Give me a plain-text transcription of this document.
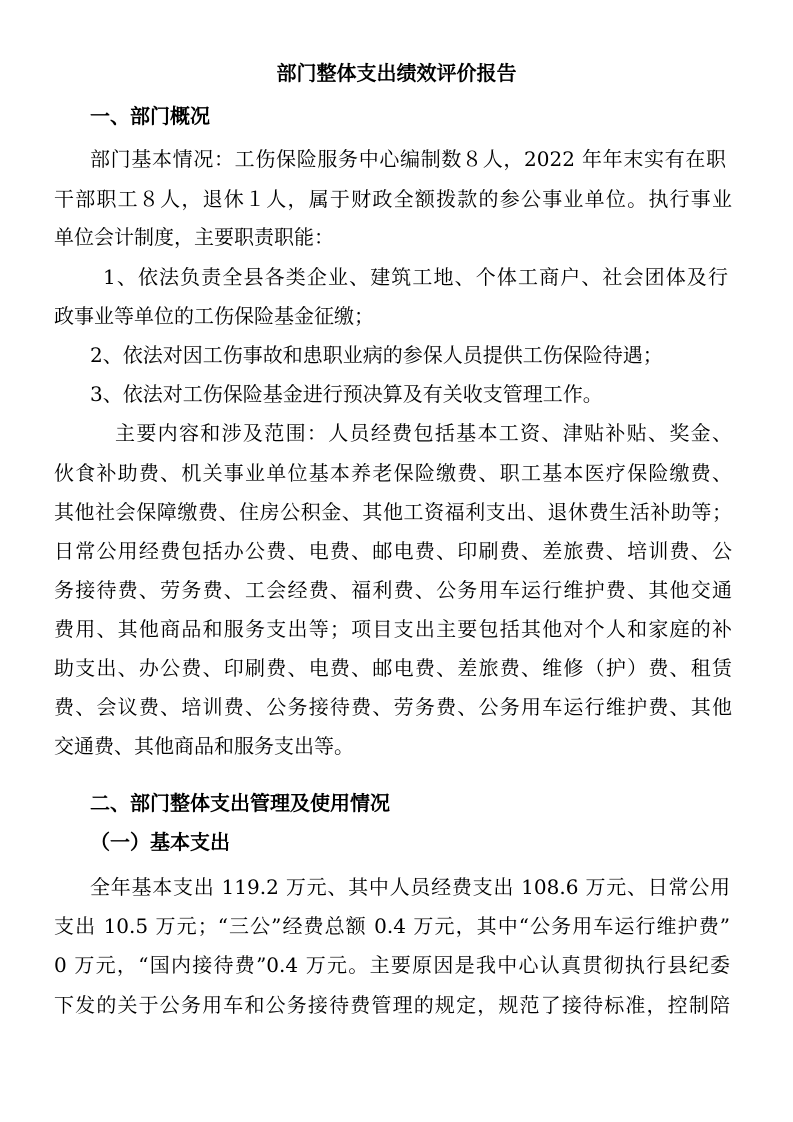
部门整体支出绩效评价报告
一、部门概况
部门基本情况：工伤保险服务中心编制数８人，2022 年年末实有在职
干部职工８人，退休１人，属于财政全额拨款的参公事业单位。执行事业
单位会计制度，主要职责职能：
1、依法负责全县各类企业、建筑工地、个体工商户、社会团体及行
政事业等单位的工伤保险基金征缴；
2、依法对因工伤事故和患职业病的参保人员提供工伤保险待遇；
3、依法对工伤保险基金进行预决算及有关收支管理工作。
主要内容和涉及范围：人员经费包括基本工资、津贴补贴、奖金、
伙食补助费、机关事业单位基本养老保险缴费、职工基本医疗保险缴费、
其他社会保障缴费、住房公积金、其他工资福利支出、退休费生活补助等；
日常公用经费包括办公费、电费、邮电费、印刷费、差旅费、培训费、公
务接待费、劳务费、工会经费、福利费、公务用车运行维护费、其他交通
费用、其他商品和服务支出等；项目支出主要包括其他对个人和家庭的补
助支出、办公费、印刷费、电费、邮电费、差旅费、维修（护）费、租赁
费、会议费、培训费、公务接待费、劳务费、公务用车运行维护费、其他
交通费、其他商品和服务支出等。
二、部门整体支出管理及使用情况
（一）基本支出
全年基本支出 119.2 万元、其中人员经费支出 108.6 万元、日常公用
支出 10.5 万元；“三公”经费总额 0.4 万元，其中“公务用车运行维护费”
0 万元，“国内接待费”0.4 万元。主要原因是我中心认真贯彻执行县纪委
下发的关于公务用车和公务接待费管理的规定，规范了接待标准，控制陪
